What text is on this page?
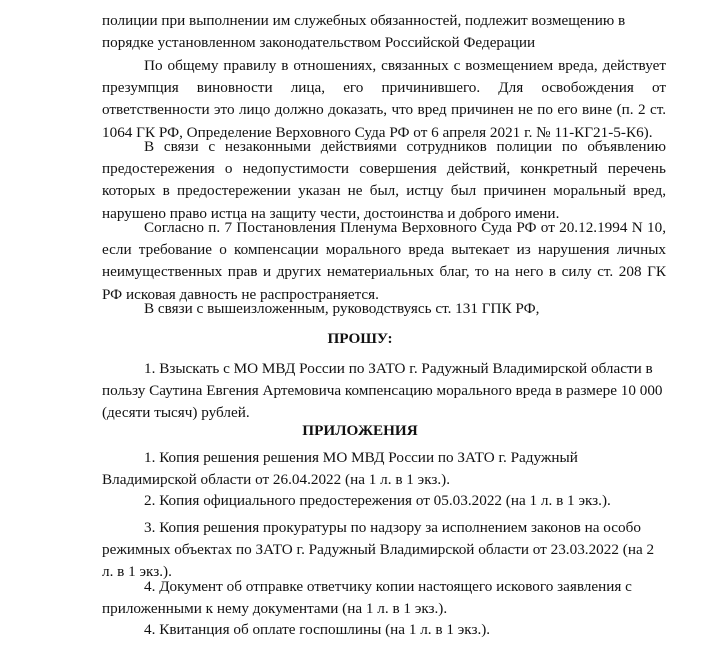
полиции при выполнении им служебных обязанностей, подлежит возмещению в порядке установленном законодательством Российской Федерации

По общему правилу в отношениях, связанных с возмещением вреда, действует презумпция виновности лица, его причинившего. Для освобождения от ответственности это лицо должно доказать, что вред причинен не по его вине (п. 2 ст. 1064 ГК РФ, Определение Верховного Суда РФ от 6 апреля 2021 г. № 11-КГ21-5-К6).

В связи с незаконными действиями сотрудников полиции по объявлению предостережения о недопустимости совершения действий, конкретный перечень которых в предостережении указан не был, истцу был причинен моральный вред, нарушено право истца на защиту чести, достоинства и доброго имени.

Согласно п. 7 Постановления Пленума Верховного Суда РФ от 20.12.1994 N 10, если требование о компенсации морального вреда вытекает из нарушения личных неимущественных прав и других нематериальных благ, то на него в силу ст. 208 ГК РФ исковая давность не распространяется.

В связи с вышеизложенным, руководствуясь ст. 131 ГПК РФ,

ПРОШУ:

1. Взыскать с МО МВД России по ЗАТО г. Радужный Владимирской области в пользу Саутина Евгения Артемовича компенсацию морального вреда в размере 10 000 (десяти тысяч) рублей.

ПРИЛОЖЕНИЯ

1. Копия решения решения МО МВД России по ЗАТО г. Радужный Владимирской области от 26.04.2022 (на 1 л. в 1 экз.).

2. Копия официального предостережения от 05.03.2022 (на 1 л. в 1 экз.).

3. Копия решения прокуратуры по надзору за исполнением законов на особо режимных объектах по ЗАТО г. Радужный Владимирской области от 23.03.2022 (на 2 л. в 1 экз.).

4. Документ об отправке ответчику копии настоящего искового заявления с приложенными к нему документами (на 1 л. в 1 экз.).

4. Квитанция об оплате госпошлины (на 1 л. в 1 экз.).
